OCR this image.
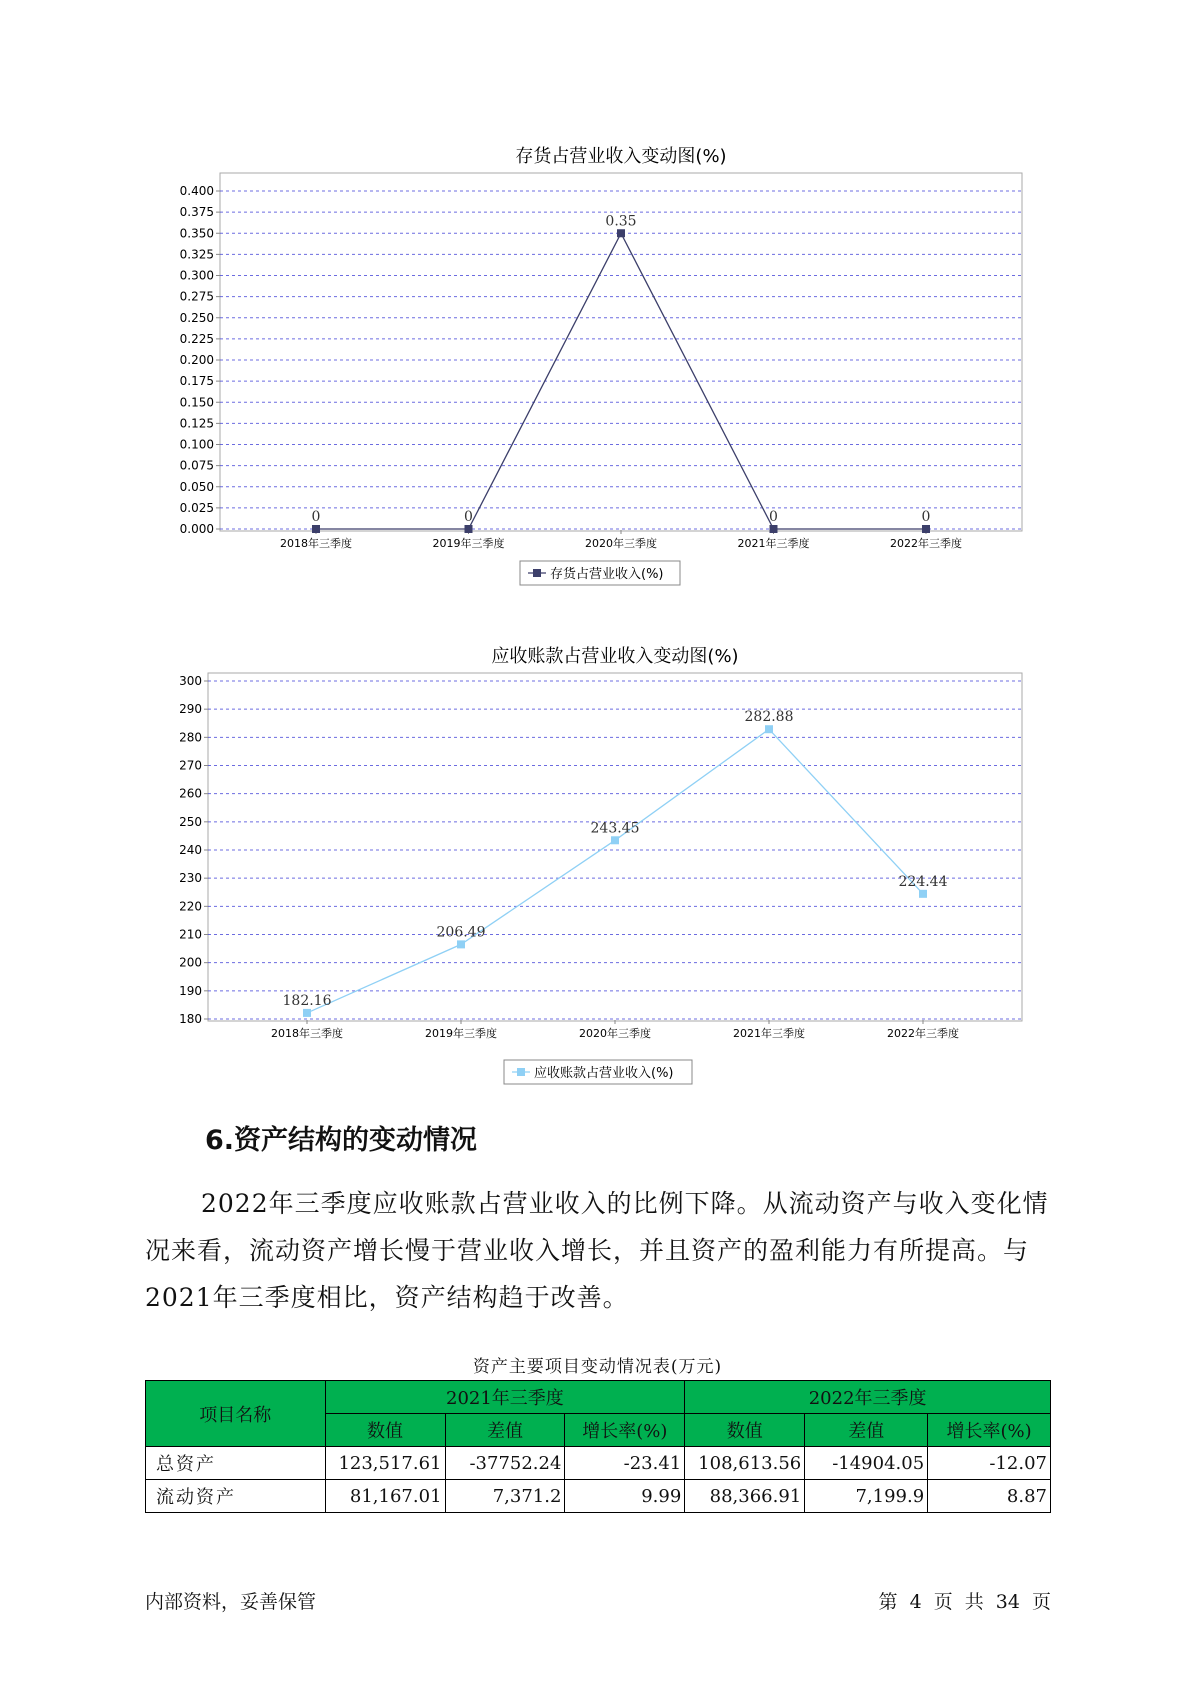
存货占营业收入变动图(%)
0.000
0.025
0.050
0.075
0.100
0.125
0.150
0.175
0.200
0.225
0.250
0.275
0.300
0.325
0.350
0.375
0.400
2018年三季度	2019年三季度	2020年三季度	2021年三季度	2022年三季度
0	0
0.35
0	0
存货占营业收入(%)
应收账款占营业收入变动图(%)
180
190
200
210
220
230
240
250
260
270
280
290
300
2018年三季度	2019年三季度	2020年三季度	2021年三季度	2022年三季度
182.16
206.49
243.45
282.88
224.44
应收账款占营业收入(%)
6.资产结构的变动情况
2022年三季度应收账款占营业收入的比例下降。从流动资产与收入变化情况来看，流动资产增长慢于营业收入增长，并且资产的盈利能力有所提高。与2021年三季度相比，资产结构趋于改善。
资产主要项目变动情况表(万元)
项目名称	2021年三季度			2022年三季度		
	数值	差值	增长率(%)	数值	差值	增长率(%)
总资产	123,517.61	-37752.24	-23.41	108,613.56	-14904.05	-12.07
流动资产	81,167.01	7,371.2	9.99	88,366.91	7,199.9	8.87
内部资料，妥善保管	第 4 页 共 34 页
